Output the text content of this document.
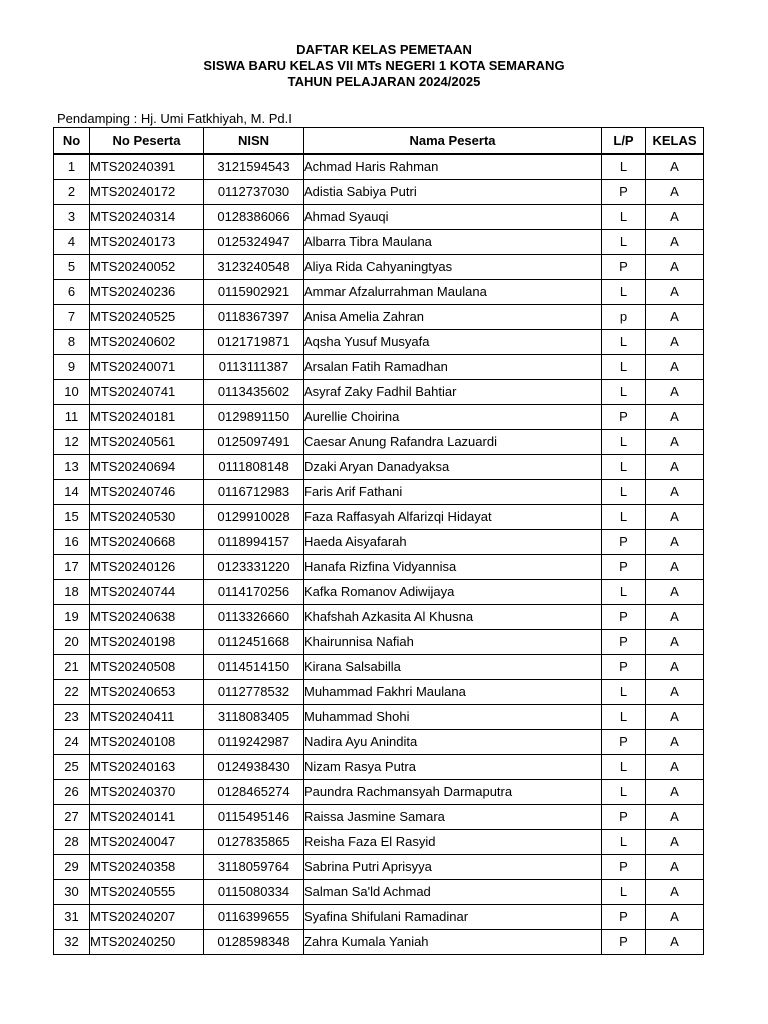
DAFTAR KELAS PEMETAAN
SISWA BARU KELAS VII MTs NEGERI 1 KOTA SEMARANG
TAHUN PELAJARAN 2024/2025
Pendamping : Hj. Umi Fatkhiyah, M. Pd.I
No	No Peserta	NISN	Nama Peserta	L/P	KELAS
1	MTS20240391	3121594543	Achmad Haris Rahman	L	A
2	MTS20240172	0112737030	Adistia Sabiya Putri	P	A
3	MTS20240314	0128386066	Ahmad Syauqi	L	A
4	MTS20240173	0125324947	Albarra Tibra Maulana	L	A
5	MTS20240052	3123240548	Aliya Rida Cahyaningtyas	P	A
6	MTS20240236	0115902921	Ammar Afzalurrahman Maulana	L	A
7	MTS20240525	0118367397	Anisa Amelia Zahran	p	A
8	MTS20240602	0121719871	Aqsha Yusuf Musyafa	L	A
9	MTS20240071	0113111387	Arsalan Fatih Ramadhan	L	A
10	MTS20240741	0113435602	Asyraf Zaky Fadhil Bahtiar	L	A
11	MTS20240181	0129891150	Aurellie Choirina	P	A
12	MTS20240561	0125097491	Caesar Anung Rafandra Lazuardi	L	A
13	MTS20240694	0111808148	Dzaki Aryan Danadyaksa	L	A
14	MTS20240746	0116712983	Faris Arif Fathani	L	A
15	MTS20240530	0129910028	Faza Raffasyah Alfarizqi Hidayat	L	A
16	MTS20240668	0118994157	Haeda Aisyafarah	P	A
17	MTS20240126	0123331220	Hanafa Rizfina Vidyannisa	P	A
18	MTS20240744	0114170256	Kafka Romanov Adiwijaya	L	A
19	MTS20240638	0113326660	Khafshah Azkasita Al Khusna	P	A
20	MTS20240198	0112451668	Khairunnisa Nafiah	P	A
21	MTS20240508	0114514150	Kirana Salsabilla	P	A
22	MTS20240653	0112778532	Muhammad Fakhri Maulana	L	A
23	MTS20240411	3118083405	Muhammad Shohi	L	A
24	MTS20240108	0119242987	Nadira Ayu Anindita	P	A
25	MTS20240163	0124938430	Nizam Rasya Putra	L	A
26	MTS20240370	0128465274	Paundra Rachmansyah Darmaputra	L	A
27	MTS20240141	0115495146	Raissa Jasmine Samara	P	A
28	MTS20240047	0127835865	Reisha Faza El Rasyid	L	A
29	MTS20240358	3118059764	Sabrina Putri Aprisyya	P	A
30	MTS20240555	0115080334	Salman Sa'ld Achmad	L	A
31	MTS20240207	0116399655	Syafina Shifulani Ramadinar	P	A
32	MTS20240250	0128598348	Zahra Kumala Yaniah	P	A
